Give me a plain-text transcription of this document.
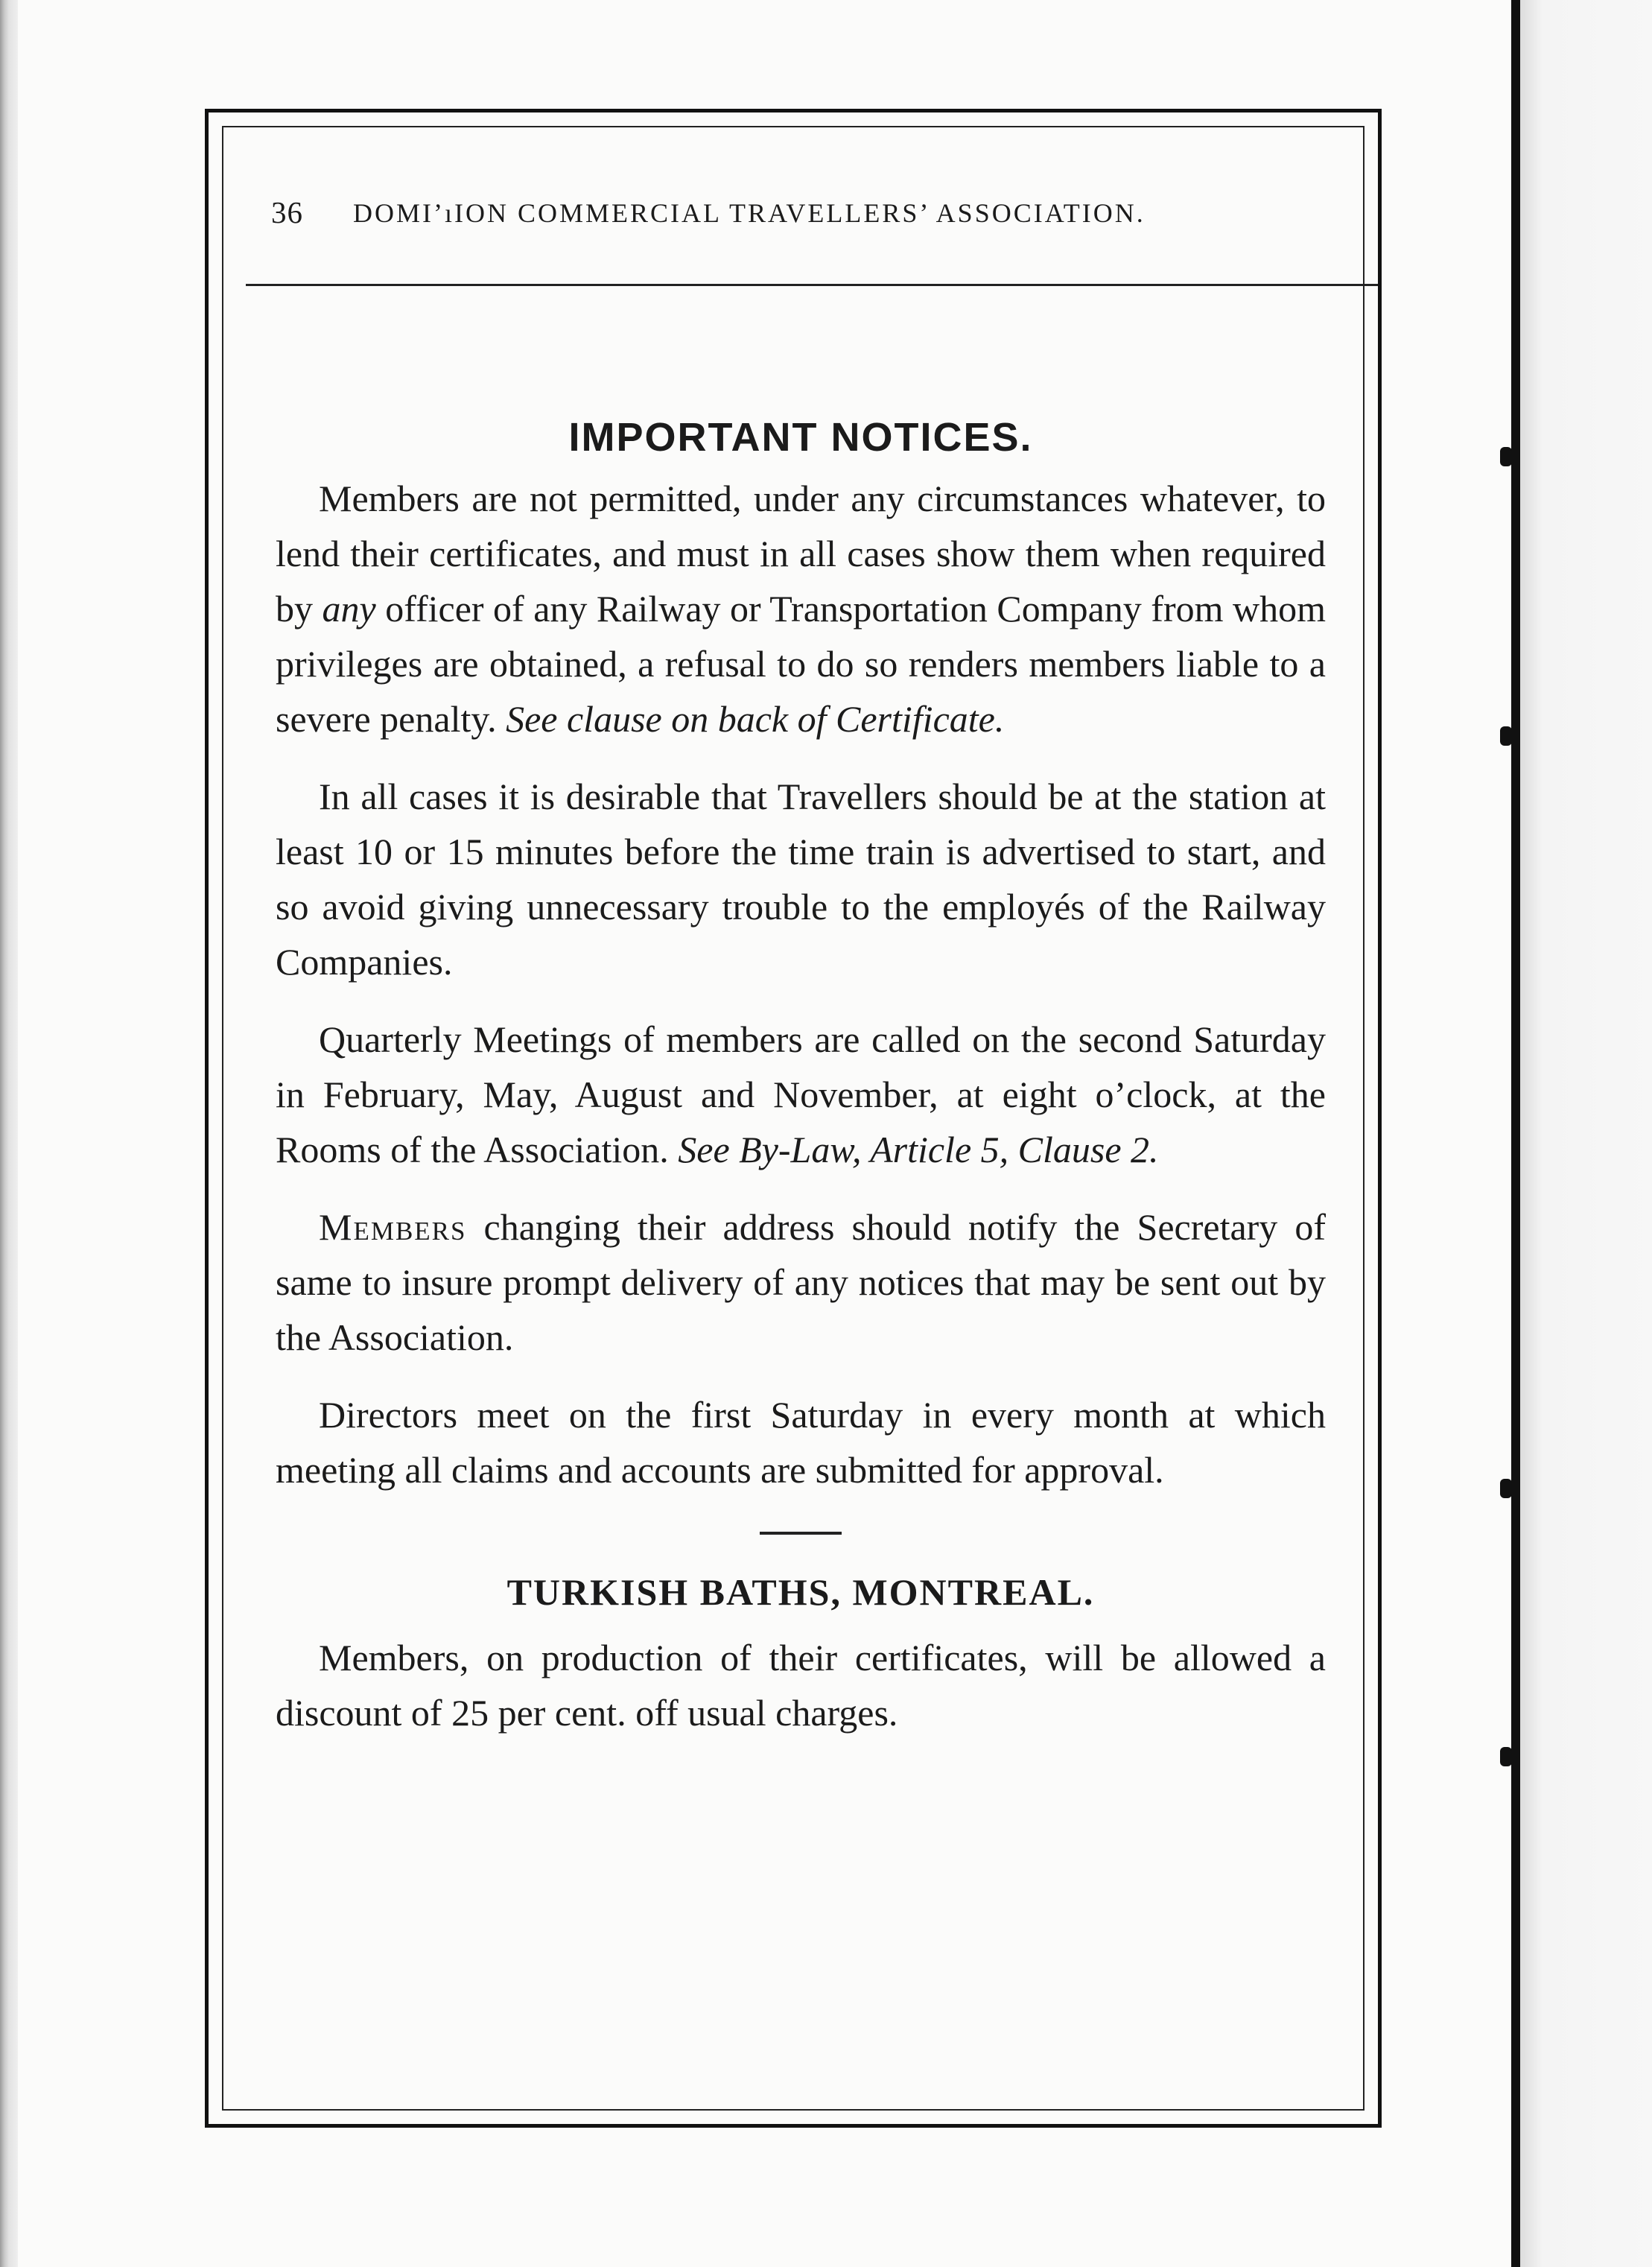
36 DOMI’ıION COMMERCIAL TRAVELLERS’ ASSOCIATION.
IMPORTANT NOTICES.

Members are not permitted, under any circumstances whatever, to lend their certificates, and must in all cases show them when required by any officer of any Railway or Transportation Company from whom privileges are obtained, a refusal to do so renders members liable to a severe penalty. See clause on back of Certificate.

In all cases it is desirable that Travellers should be at the station at least 10 or 15 minutes before the time train is advertised to start, and so avoid giving unnecessary trouble to the employés of the Railway Companies.

Quarterly Meetings of members are called on the second Saturday in February, May, August and November, at eight o’clock, at the Rooms of the Association. See By-Law, Article 5, Clause 2.

Members changing their address should notify the Secretary of same to insure prompt delivery of any notices that may be sent out by the Association.

Directors meet on the first Saturday in every month at which meeting all claims and accounts are submitted for approval.

TURKISH BATHS, MONTREAL.

Members, on production of their certificates, will be allowed a discount of 25 per cent. off usual charges.
